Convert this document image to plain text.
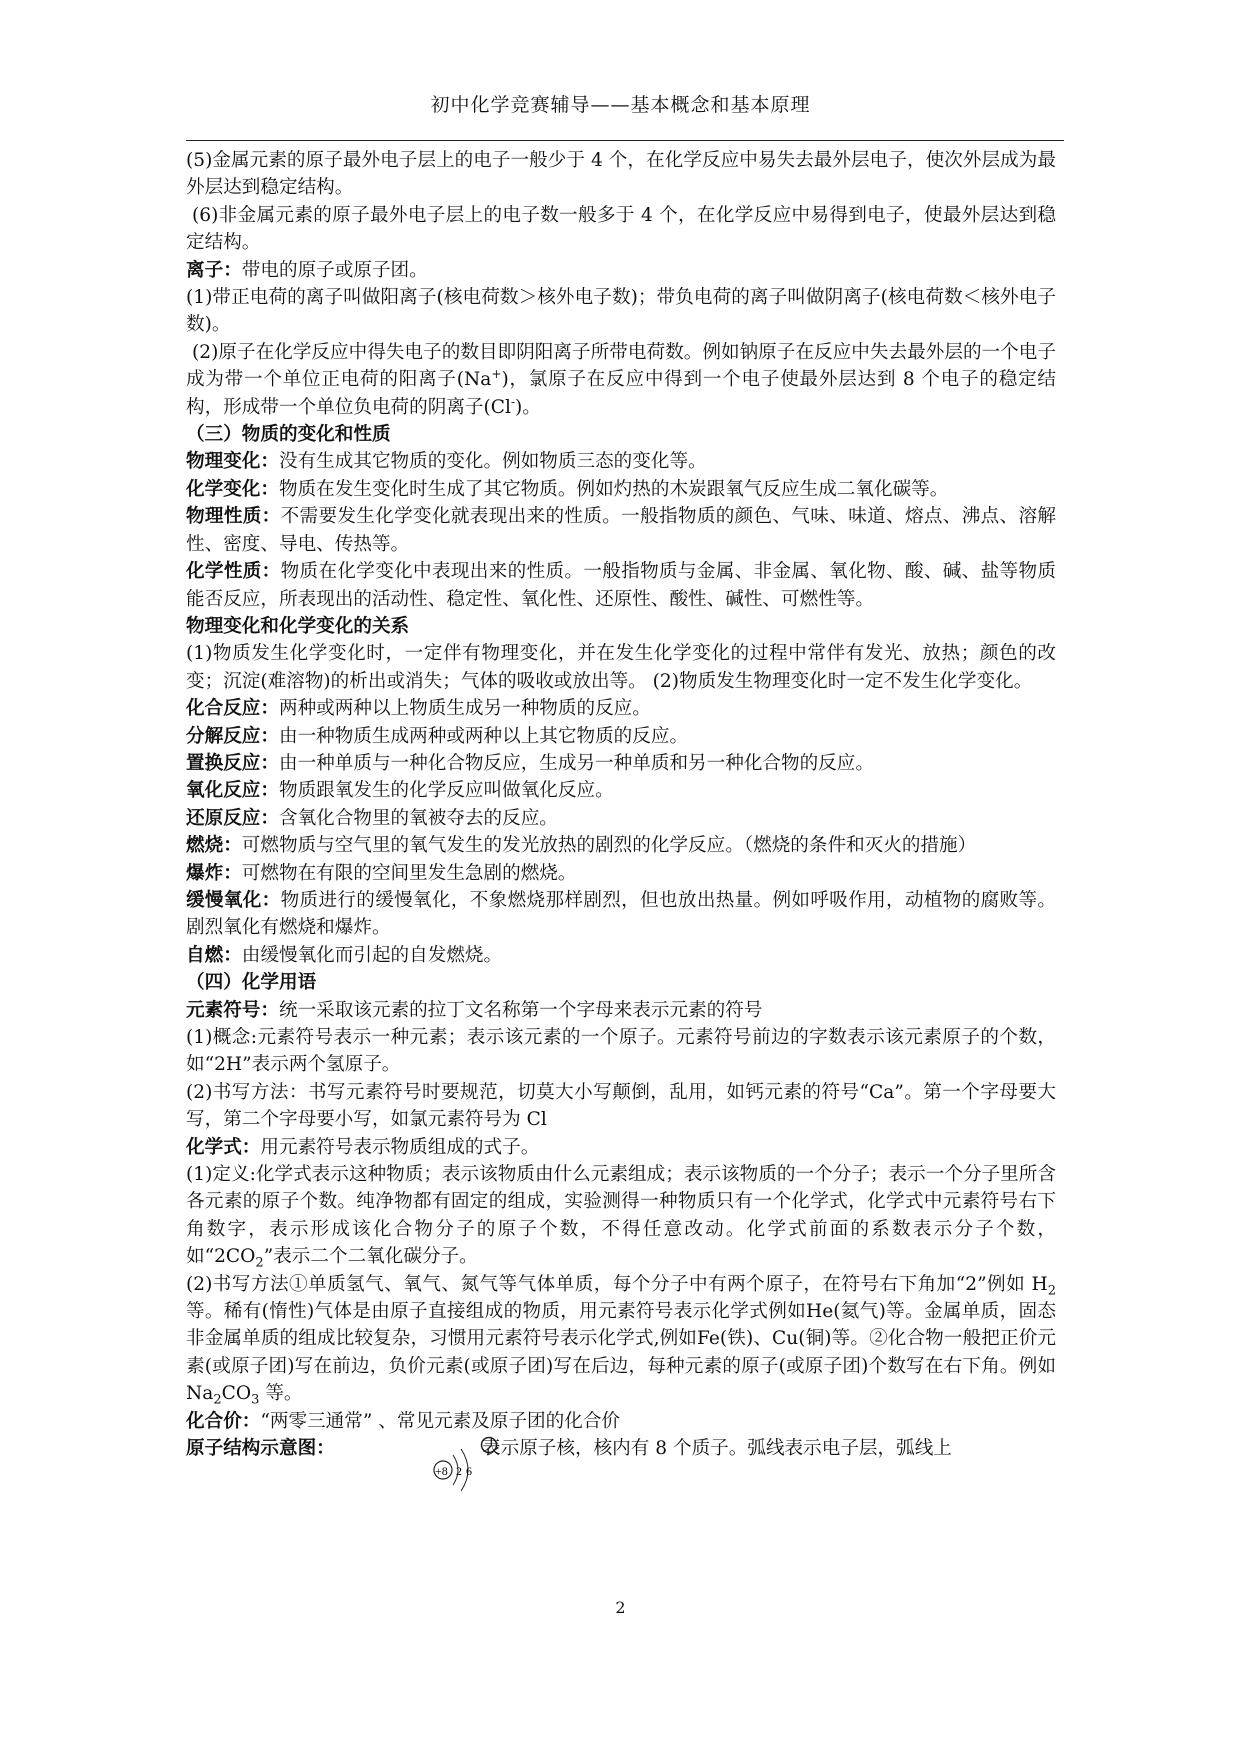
初中化学竞赛辅导——基本概念和基本原理

(5)金属元素的原子最外电子层上的电子一般少于 4 个，在化学反应中易失去最外层电子，使次外层成为最外层达到稳定结构。

(6)非金属元素的原子最外电子层上的电子数一般多于 4 个，在化学反应中易得到电子，使最外层达到稳定结构。

离子：带电的原子或原子团。

(1)带正电荷的离子叫做阳离子(核电荷数＞核外电子数)；带负电荷的离子叫做阴离子(核电荷数＜核外电子数)。

(2)原子在化学反应中得失电子的数目即阴阳离子所带电荷数。例如钠原子在反应中失去最外层的一个电子成为带一个单位正电荷的阳离子(Na+)，氯原子在反应中得到一个电子使最外层达到 8 个电子的稳定结构，形成带一个单位负电荷的阴离子(Cl-)。

（三）物质的变化和性质

物理变化：没有生成其它物质的变化。例如物质三态的变化等。

化学变化：物质在发生变化时生成了其它物质。例如灼热的木炭跟氧气反应生成二氧化碳等。

物理性质：不需要发生化学变化就表现出来的性质。一般指物质的颜色、气味、味道、熔点、沸点、溶解性、密度、导电、传热等。

化学性质：物质在化学变化中表现出来的性质。一般指物质与金属、非金属、氧化物、酸、碱、盐等物质能否反应，所表现出的活动性、稳定性、氧化性、还原性、酸性、碱性、可燃性等。

物理变化和化学变化的关系

(1)物质发生化学变化时，一定伴有物理变化，并在发生化学变化的过程中常伴有发光、放热；颜色的改变；沉淀(难溶物)的析出或消失；气体的吸收或放出等。 (2)物质发生物理变化时一定不发生化学变化。

化合反应：两种或两种以上物质生成另一种物质的反应。

分解反应：由一种物质生成两种或两种以上其它物质的反应。

置换反应：由一种单质与一种化合物反应，生成另一种单质和另一种化合物的反应。

氧化反应：物质跟氧发生的化学反应叫做氧化反应。

还原反应：含氧化合物里的氧被夺去的反应。

燃烧：可燃物质与空气里的氧气发生的发光放热的剧烈的化学反应。（燃烧的条件和灭火的措施）

爆炸：可燃物在有限的空间里发生急剧的燃烧。

缓慢氧化：物质进行的缓慢氧化，不象燃烧那样剧烈，但也放出热量。例如呼吸作用，动植物的腐败等。剧烈氧化有燃烧和爆炸。

自燃：由缓慢氧化而引起的自发燃烧。

（四）化学用语

元素符号：统一采取该元素的拉丁文名称第一个字母来表示元素的符号

(1)概念:元素符号表示一种元素；表示该元素的一个原子。元素符号前边的字数表示该元素原子的个数，如“2H”表示两个氢原子。

(2)书写方法：书写元素符号时要规范，切莫大小写颠倒，乱用，如钙元素的符号“Ca”。第一个字母要大写，第二个字母要小写，如氯元素符号为 Cl

化学式：用元素符号表示物质组成的式子。

(1)定义:化学式表示这种物质；表示该物质由什么元素组成；表示该物质的一个分子；表示一个分子里所含各元素的原子个数。纯净物都有固定的组成，实验测得一种物质只有一个化学式，化学式中元素符号右下角数字，表示形成该化合物分子的原子个数，不得任意改动。化学式前面的系数表示分子个数，如“$2CO_2$”表示二个二氧化碳分子。

(2)书写方法①单质氢气、氧气、氮气等气体单质，每个分子中有两个原子，在符号右下角加“2”例如 $H_2$ 等。稀有(惰性)气体是由原子直接组成的物质，用元素符号表示化学式例如He(氦气)等。金属单质，固态非金属单质的组成比较复杂，习惯用元素符号表示化学式,例如Fe(铁)、Cu(铜)等。②化合物一般把正价元素(或原子团)写在前边，负价元素(或原子团)写在后边，每种元素的原子(或原子团)个数写在右下角。例如 $Na_2CO_3$ 等。

化合价：“两零三通常” 、常见元素及原子团的化合价

原子结构示意图：
+8 2 6
表示原子核，核内有 8 个质子。弧线表示电子层，弧线上
2
